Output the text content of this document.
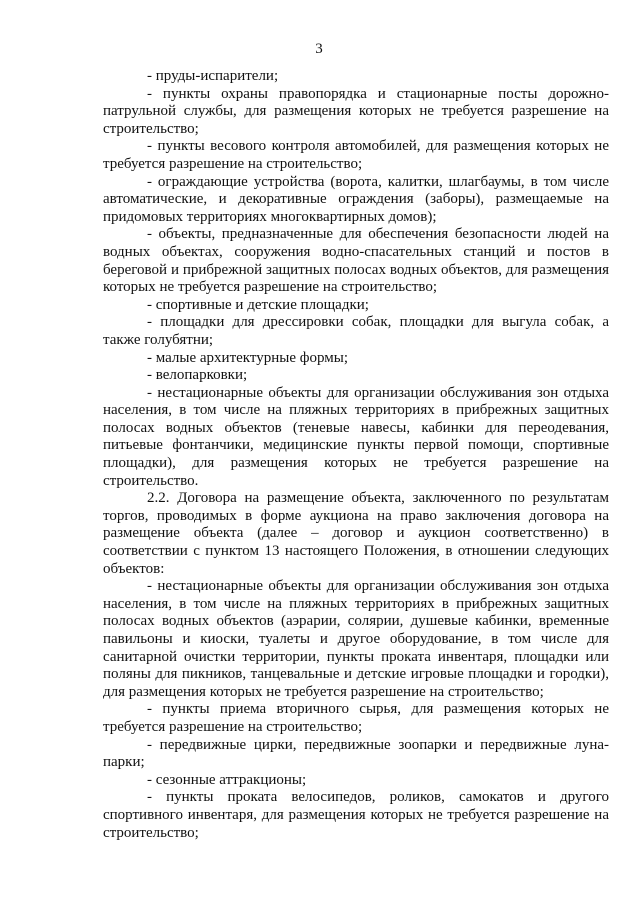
3

- пруды-испарители;

- пункты охраны правопорядка и стационарные посты дорожно-патрульной службы, для размещения которых не требуется разрешение на строительство;

- пункты весового контроля автомобилей, для размещения которых не требуется разрешение на строительство;

- ограждающие устройства (ворота, калитки, шлагбаумы, в том числе автоматические, и декоративные ограждения (заборы), размещаемые на придомовых территориях многоквартирных домов);

- объекты, предназначенные для обеспечения безопасности людей на водных объектах, сооружения водно-спасательных станций и постов в береговой и прибрежной защитных полосах водных объектов, для размещения которых не требуется разрешение на строительство;

- спортивные и детские площадки;

- площадки для дрессировки собак, площадки для выгула собак, а также голубятни;

- малые архитектурные формы;

- велопарковки;

- нестационарные объекты для организации обслуживания зон отдыха населения, в том числе на пляжных территориях в прибрежных защитных полосах водных объектов (теневые навесы, кабинки для переодевания, питьевые фонтанчики, медицинские пункты первой помощи, спортивные площадки), для размещения которых не требуется разрешение на строительство.

2.2. Договора на размещение объекта, заключенного по результатам торгов, проводимых в форме аукциона на право заключения договора на размещение объекта (далее – договор и аукцион соответственно) в соответствии с пунктом 13 настоящего Положения, в отношении следующих объектов:

- нестационарные объекты для организации обслуживания зон отдыха населения, в том числе на пляжных территориях в прибрежных защитных полосах водных объектов (аэрарии, солярии, душевые кабинки, временные павильоны и киоски, туалеты и другое оборудование, в том числе для санитарной очистки территории, пункты проката инвентаря, площадки или поляны для пикников, танцевальные и детские игровые площадки и городки), для размещения которых не требуется разрешение на строительство;

- пункты приема вторичного сырья, для размещения которых не требуется разрешение на строительство;

- передвижные цирки, передвижные зоопарки и передвижные луна-парки;

- сезонные аттракционы;

- пункты проката велосипедов, роликов, самокатов и другого спортивного инвентаря, для размещения которых не требуется разрешение на строительство;
